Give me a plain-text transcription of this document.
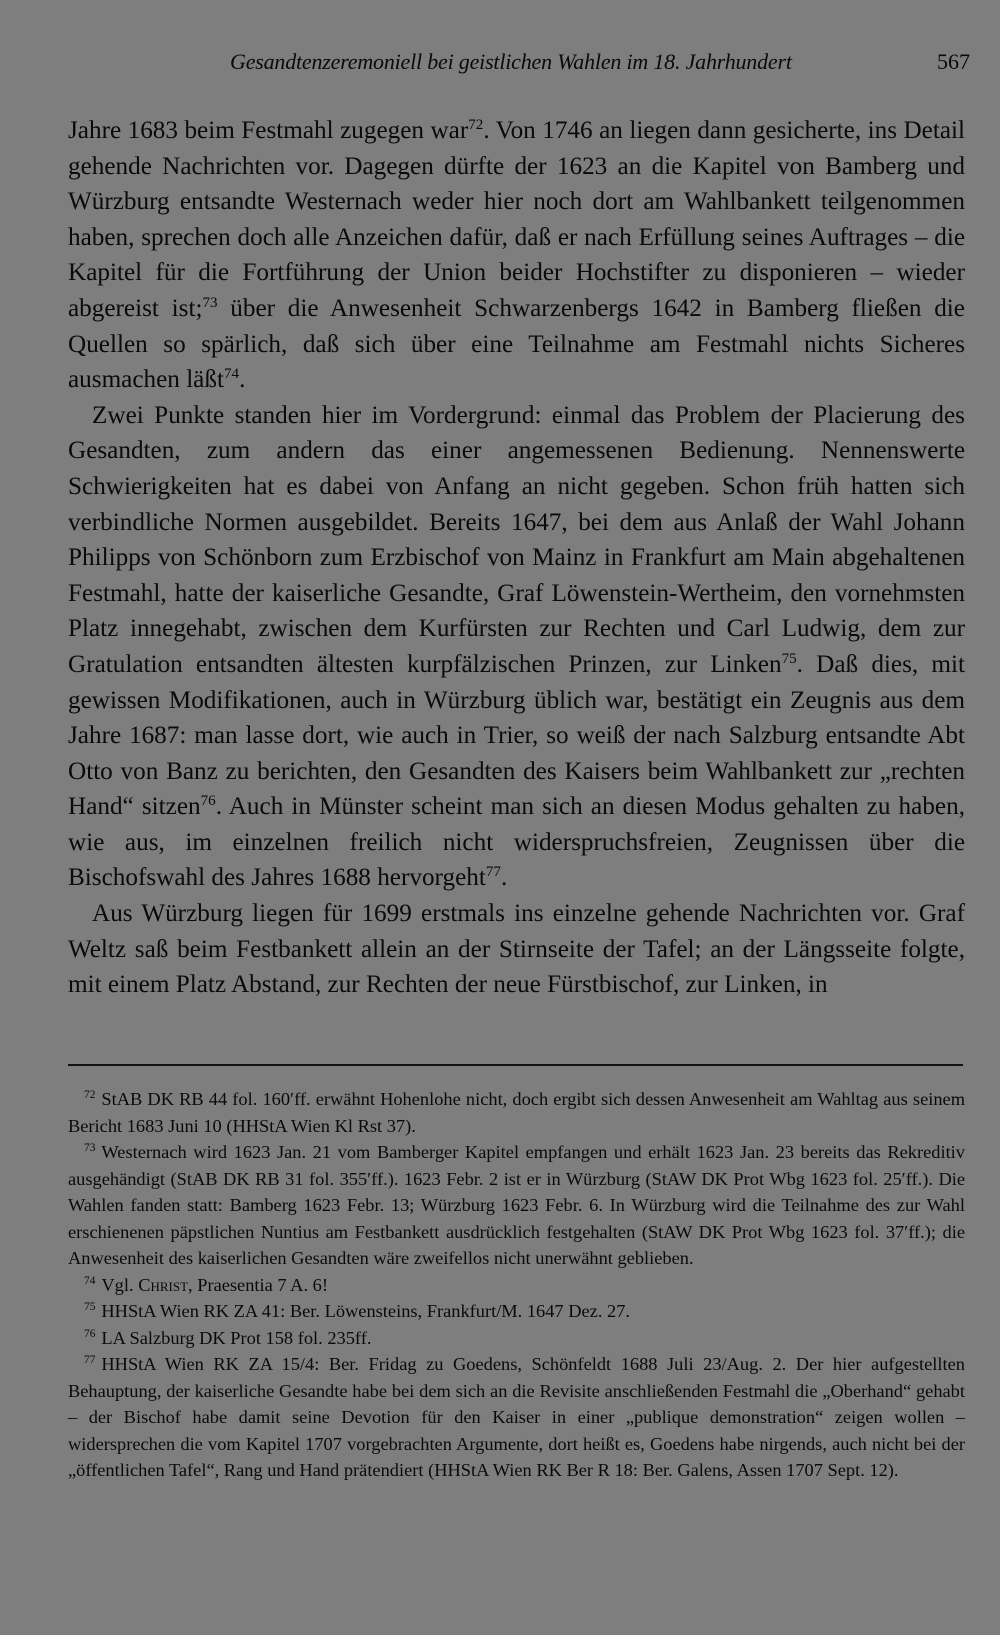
Gesandtenzeremoniell bei geistlichen Wahlen im 18. Jahrhundert	567

Jahre 1683 beim Festmahl zugegen war$^{72}$. Von 1746 an liegen dann gesicherte, ins Detail gehende Nachrichten vor. Dagegen dürfte der 1623 an die Kapitel von Bamberg und Würzburg entsandte Westernach weder hier noch dort am Wahlbankett teilgenommen haben, sprechen doch alle Anzeichen dafür, daß er nach Erfüllung seines Auftrages – die Kapitel für die Fortführung der Union beider Hochstifter zu disponieren – wieder abgereist ist;$^{73}$ über die Anwesenheit Schwarzenbergs 1642 in Bamberg fließen die Quellen so spärlich, daß sich über eine Teilnahme am Festmahl nichts Sicheres ausmachen läßt$^{74}$.

Zwei Punkte standen hier im Vordergrund: einmal das Problem der Placierung des Gesandten, zum andern das einer angemessenen Bedienung. Nennenswerte Schwierigkeiten hat es dabei von Anfang an nicht gegeben. Schon früh hatten sich verbindliche Normen ausgebildet. Bereits 1647, bei dem aus Anlaß der Wahl Johann Philipps von Schönborn zum Erzbischof von Mainz in Frankfurt am Main abgehaltenen Festmahl, hatte der kaiserliche Gesandte, Graf Löwenstein-Wertheim, den vornehmsten Platz innegehabt, zwischen dem Kurfürsten zur Rechten und Carl Ludwig, dem zur Gratulation entsandten ältesten kurpfälzischen Prinzen, zur Linken$^{75}$. Daß dies, mit gewissen Modifikationen, auch in Würzburg üblich war, bestätigt ein Zeugnis aus dem Jahre 1687: man lasse dort, wie auch in Trier, so weiß der nach Salzburg entsandte Abt Otto von Banz zu berichten, den Gesandten des Kaisers beim Wahlbankett zur „rechten Hand“ sitzen$^{76}$. Auch in Münster scheint man sich an diesen Modus gehalten zu haben, wie aus, im einzelnen freilich nicht widerspruchsfreien, Zeugnissen über die Bischofswahl des Jahres 1688 hervorgeht$^{77}$.

Aus Würzburg liegen für 1699 erstmals ins einzelne gehende Nachrichten vor. Graf Weltz saß beim Festbankett allein an der Stirnseite der Tafel; an der Längsseite folgte, mit einem Platz Abstand, zur Rechten der neue Fürstbischof, zur Linken, in

$^{72}$ StAB DK RB 44 fol. 160′ff. erwähnt Hohenlohe nicht, doch ergibt sich dessen Anwesenheit am Wahltag aus seinem Bericht 1683 Juni 10 (HHStA Wien Kl Rst 37).

$^{73}$ Westernach wird 1623 Jan. 21 vom Bamberger Kapitel empfangen und erhält 1623 Jan. 23 bereits das Rekreditiv ausgehändigt (StAB DK RB 31 fol. 355′ff.). 1623 Febr. 2 ist er in Würzburg (StAW DK Prot Wbg 1623 fol. 25′ff.). Die Wahlen fanden statt: Bamberg 1623 Febr. 13; Würzburg 1623 Febr. 6. In Würzburg wird die Teilnahme des zur Wahl erschienenen päpstlichen Nuntius am Festbankett ausdrücklich festgehalten (StAW DK Prot Wbg 1623 fol. 37′ff.); die Anwesenheit des kaiserlichen Gesandten wäre zweifellos nicht unerwähnt geblieben.

$^{74}$ Vgl. Christ, Praesentia 7 A. 6!

$^{75}$ HHStA Wien RK ZA 41: Ber. Löwensteins, Frankfurt/M. 1647 Dez. 27.

$^{76}$ LA Salzburg DK Prot 158 fol. 235ff.

$^{77}$ HHStA Wien RK ZA 15/4: Ber. Fridag zu Goedens, Schönfeldt 1688 Juli 23/Aug. 2. Der hier aufgestellten Behauptung, der kaiserliche Gesandte habe bei dem sich an die Revisite anschließenden Festmahl die „Oberhand“ gehabt – der Bischof habe damit seine Devotion für den Kaiser in einer „publique demonstration“ zeigen wollen – widersprechen die vom Kapitel 1707 vorgebrachten Argumente, dort heißt es, Goedens habe nirgends, auch nicht bei der „öffentlichen Tafel“, Rang und Hand prätendiert (HHStA Wien RK Ber R 18: Ber. Galens, Assen 1707 Sept. 12).
